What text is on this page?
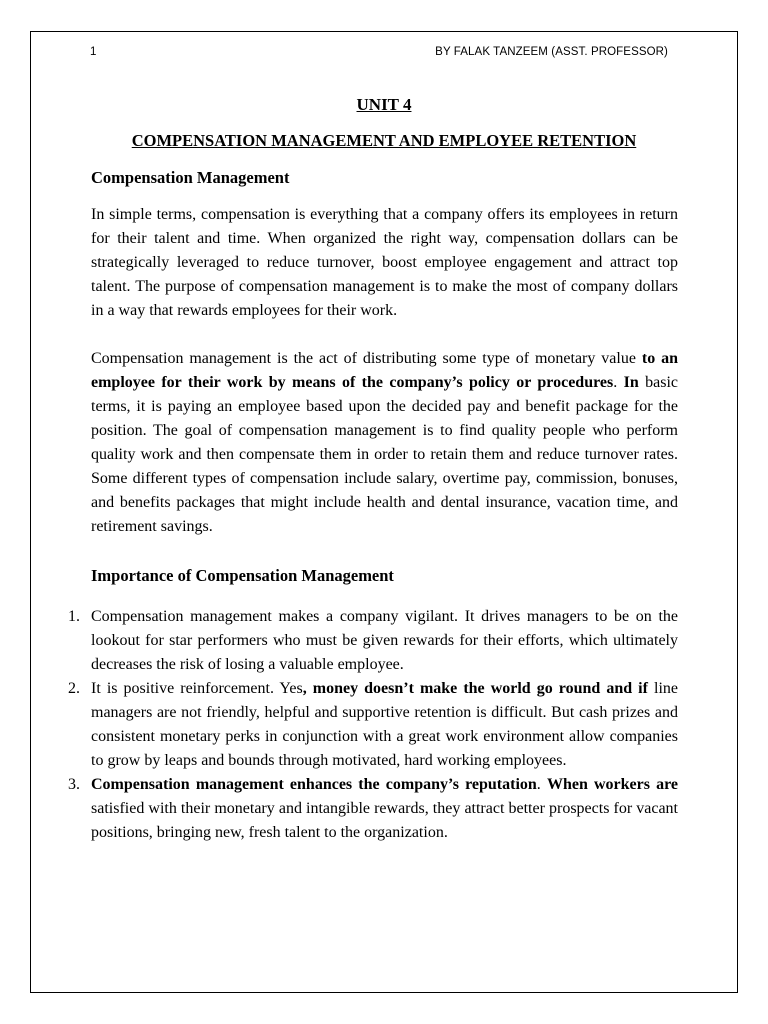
1	BY FALAK TANZEEM (ASST. PROFESSOR)
UNIT 4
COMPENSATION MANAGEMENT AND EMPLOYEE RETENTION
Compensation Management

In simple terms, compensation is everything that a company offers its employees in return for their talent and time. When organized the right way, compensation dollars can be strategically leveraged to reduce turnover, boost employee engagement and attract top talent. The purpose of compensation management is to make the most of company dollars in a way that rewards employees for their work.

Compensation management is the act of distributing some type of monetary value to an employee for their work by means of the company’s policy or procedures. In basic terms, it is paying an employee based upon the decided pay and benefit package for the position. The goal of compensation management is to find quality people who perform quality work and then compensate them in order to retain them and reduce turnover rates. Some different types of compensation include salary, overtime pay, commission, bonuses, and benefits packages that might include health and dental insurance, vacation time, and retirement savings.

Importance of Compensation Management
1. Compensation management makes a company vigilant. It drives managers to be on the lookout for star performers who must be given rewards for their efforts, which ultimately decreases the risk of losing a valuable employee.
2. It is positive reinforcement. Yes, money doesn’t make the world go round and if line managers are not friendly, helpful and supportive retention is difficult. But cash prizes and consistent monetary perks in conjunction with a great work environment allow companies to grow by leaps and bounds through motivated, hard working employees.
3. Compensation management enhances the company’s reputation. When workers are satisfied with their monetary and intangible rewards, they attract better prospects for vacant positions, bringing new, fresh talent to the organization.
